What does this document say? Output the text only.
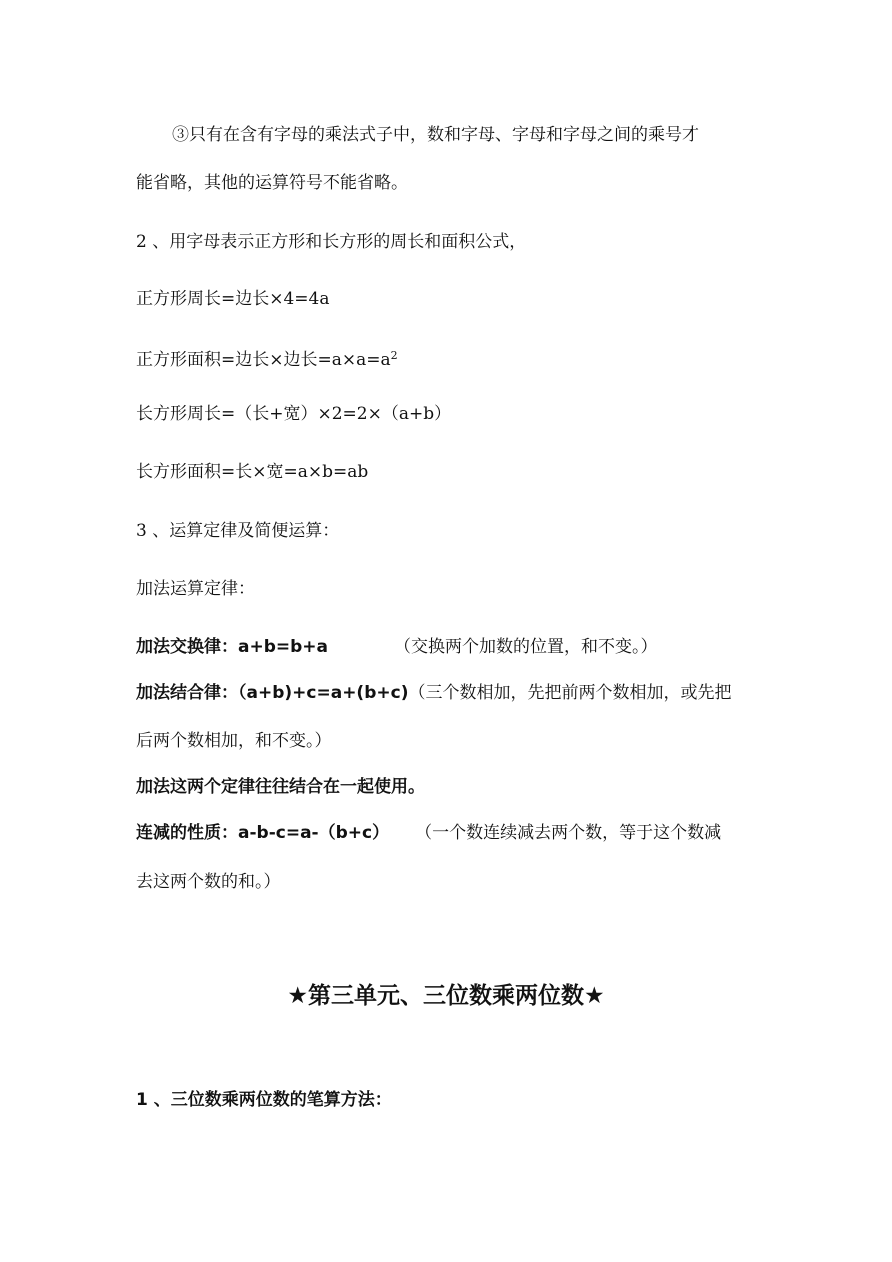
③只有在含有字母的乘法式子中，数和字母、字母和字母之间的乘号才
能省略，其他的运算符号不能省略。
2 、用字母表示正方形和长方形的周长和面积公式，
正方形周长=边长×4=4a
正方形面积=边长×边长$=a\times a=a^2$
长方形周长=（长+宽）×2=2×（a+b）
长方形面积=长×宽=a×b=ab
3 、运算定律及简便运算：
加法运算定律：
加法交换律：a+b=b+a	（交换两个加数的位置，和不变。）
加法结合律：（a+b)+c=a+(b+c)（三个数相加，先把前两个数相加，或先把
后两个数相加，和不变。）
加法这两个定律往往结合在一起使用。
连减的性质：a-b-c=a-（b+c） （一个数连续减去两个数，等于这个数减
去这两个数的和。）
★第三单元、三位数乘两位数★
1 、三位数乘两位数的笔算方法：
